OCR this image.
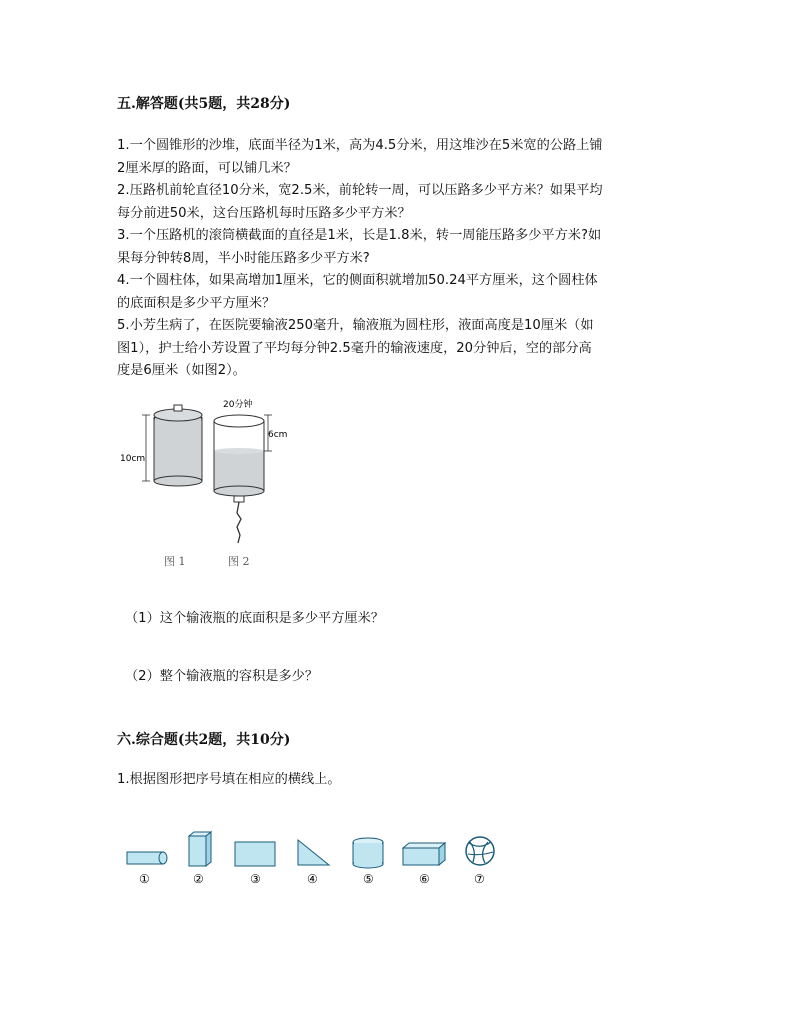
五.解答题(共5题，共28分)

1.一个圆锥形的沙堆，底面半径为1米，高为4.5分米，用这堆沙在5米宽的公路上铺

2厘米厚的路面，可以铺几米？

2.压路机前轮直径10分米，宽2.5米，前轮转一周，可以压路多少平方米？如果平均

每分前进50米，这台压路机每时压路多少平方米？

3.一个压路机的滚筒横截面的直径是1米，长是1.8米，转一周能压路多少平方米?如

果每分钟转8周，半小时能压路多少平方米?

4.一个圆柱体，如果高增加1厘米，它的侧面积就增加50.24平方厘米，这个圆柱体

的底面积是多少平方厘米？

5.小芳生病了，在医院要输液250毫升，输液瓶为圆柱形，液面高度是10厘米（如

图1），护士给小芳设置了平均每分钟2.5毫升的输液速度，20分钟后，空的部分高

度是6厘米（如图2）。

10cm
20分钟
6cm
图 1	图 2
（1）这个输液瓶的底面积是多少平方厘米？
（2）整个输液瓶的容积是多少？
六.综合题(共2题，共10分)
1.根据图形把序号填在相应的横线上。
①	②	③	④	⑤	⑥	⑦
